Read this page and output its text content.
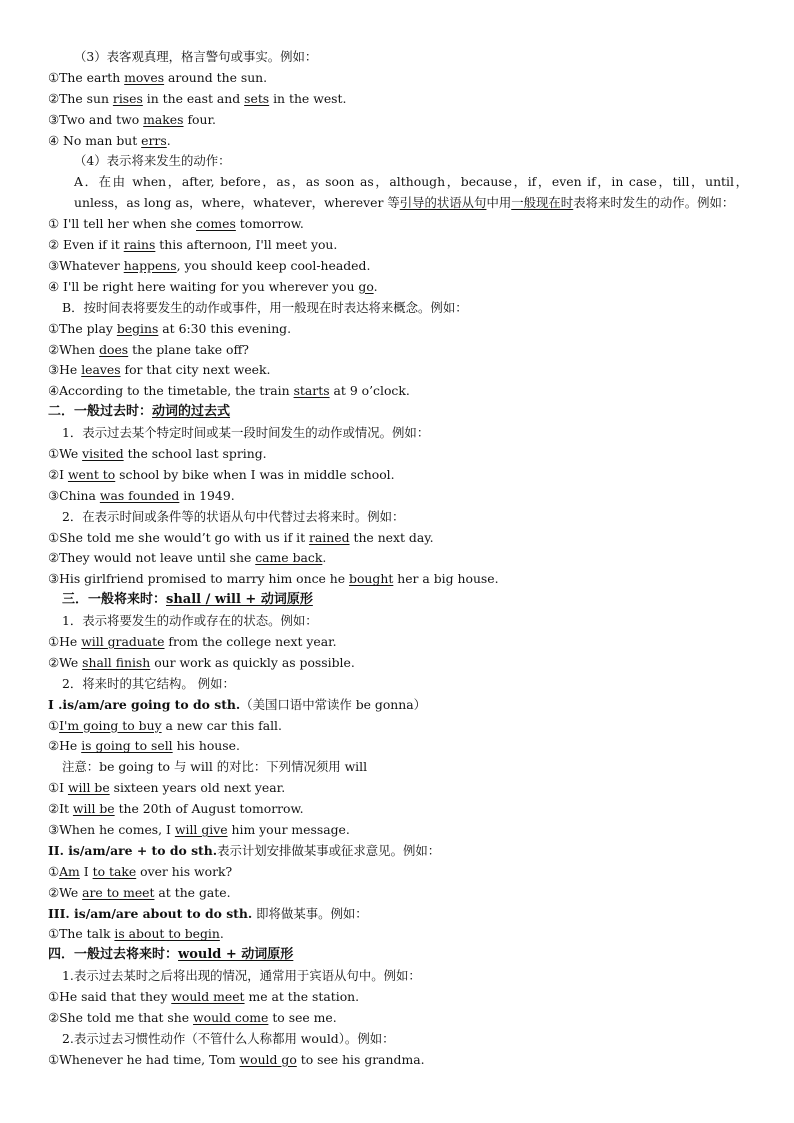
（3）表客观真理，格言警句或事实。例如：
①The earth moves around the sun.
②The sun rises in the east and sets in the west.
③Two and two makes four.
④ No man but errs.
（4）表示将来发生的动作：
A．在由 when，after, before，as，as soon as，although，because，if，even if，in case，till，until，unless，as long as，where，whatever，wherever 等引导的状语从句中用一般现在时表将来时发生的动作。例如：
① I'll tell her when she comes tomorrow.
② Even if it rains this afternoon, I'll meet you.
③Whatever happens, you should keep cool-headed.
④ I'll be right here waiting for you wherever you go.
B．按时间表将要发生的动作或事件，用一般现在时表达将来概念。例如：
①The play begins at 6:30 this evening.
②When does the plane take off?
③He leaves for that city next week.
④According to the timetable, the train starts at 9 o’clock.
二．一般过去时：动词的过去式
1．表示过去某个特定时间或某一段时间发生的动作或情况。例如：
①We visited the school last spring.
②I went to school by bike when I was in middle school.
③China was founded in 1949.
2．在表示时间或条件等的状语从句中代替过去将来时。例如：
①She told me she would’t go with us if it rained the next day.
②They would not leave until she came back.
③His girlfriend promised to marry him once he bought her a big house.
三．一般将来时：shall / will + 动词原形
1．表示将要发生的动作或存在的状态。例如：
①He will graduate from the college next year.
②We shall finish our work as quickly as possible.
2．将来时的其它结构。 例如：
I .is/am/are going to do sth.（美国口语中常读作 be gonna）
①I'm going to buy a new car this fall.
②He is going to sell his house.
注意：be going to 与 will 的对比：下列情况须用 will
①I will be sixteen years old next year.
②It will be the 20th of August tomorrow.
③When he comes, I will give him your message.
II. is/am/are + to do sth.表示计划安排做某事或征求意见。例如：
①Am I to take over his work?
②We are to meet at the gate.
III. is/am/are about to do sth. 即将做某事。例如：
①The talk is about to begin.
四．一般过去将来时：would + 动词原形
1.表示过去某时之后将出现的情况，通常用于宾语从句中。例如：
①He said that they would meet me at the station.
②She told me that she would come to see me.
2.表示过去习惯性动作（不管什么人称都用 would）。例如：
①Whenever he had time, Tom would go to see his grandma.
